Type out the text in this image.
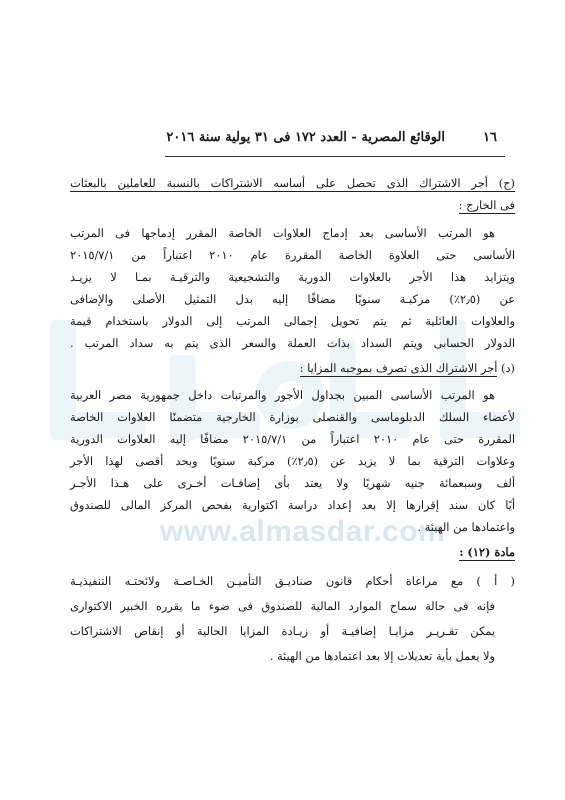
www.almasdar.com
١٦
الوقائع المصرية - العدد ١٧٢ فى ٣١ يولية سنة ٢٠١٦
(ج) أجر الاشتراك الذى تحصل على أساسه الاشتراكات بالنسبة للعاملين بالبعثات
فى الخارج :
هو المرتب الأساسى بعد إدماج العلاوات الخاصة المقرر إدماجها فى المرتب
الأساسى حتى العلاوة الخاصة المقررة عام ٢٠١٠ اعتباراً من ٢٠١٥/٧/١
ويتزايد هذا الأجر بالعلاوات الدورية والتشجيعية والترقيـة بمـا لا يزيـد
عن (٢٫٥٪) مركبـة سنويًا مضافًا إليه بدل التمثيل الأصلى والإضافى
والعلاوات العائلية ثم يتم تحويل إجمالى المرتب إلى الدولار باستخدام قيمة
الدولار الحسابى ويتم السداد بذات العملة والسعر الذى يتم به سداد المرتب .
(د) أجر الاشتراك الذى تصرف بموجبه المزايا :
هو المرتب الأساسى المبين بجداول الأجور والمرتبات داخل جمهورية مصر العربية
لأعضاء السلك الدبلوماسى والقنصلى بوزارة الخارجية متضمنًا العلاوات الخاصة
المقررة حتى عام ٢٠١٠ اعتباراً من ٢٠١٥/٧/١ مضافًا إليه العلاوات الدورية
وعلاوات الترقية بما لا يزيد عن (٢٫٥٪) مركبة سنويًا وبحد أقصى لهذا الأجر
ألف وسبعمائة جنيه شهريًا ولا يعتد بأى إضافـات أخـرى على هـذا الأجـر
أيًا كان سند إقرارها إلا بعد إعداد دراسة اكتوارية بفحص المركز المالى للصندوق
واعتمادها من الهيئة .
مادة (١٢) :
( أ ) مع مراعاة أحكام قانون صناديـق التأميـن الخـاصـة ولائحتـه التنفيذيـة
فإنه فى حالة سماح الموارد المالية للصندوق فى ضوء ما يقرره الخبير الاكتوارى
يمكن تقـريـر مزايـا إضافيـة أو زيـادة المزايا الحالية أو إنقاص الاشتراكات
ولا يعمل بأية تعديلات إلا بعد اعتمادها من الهيئة .
